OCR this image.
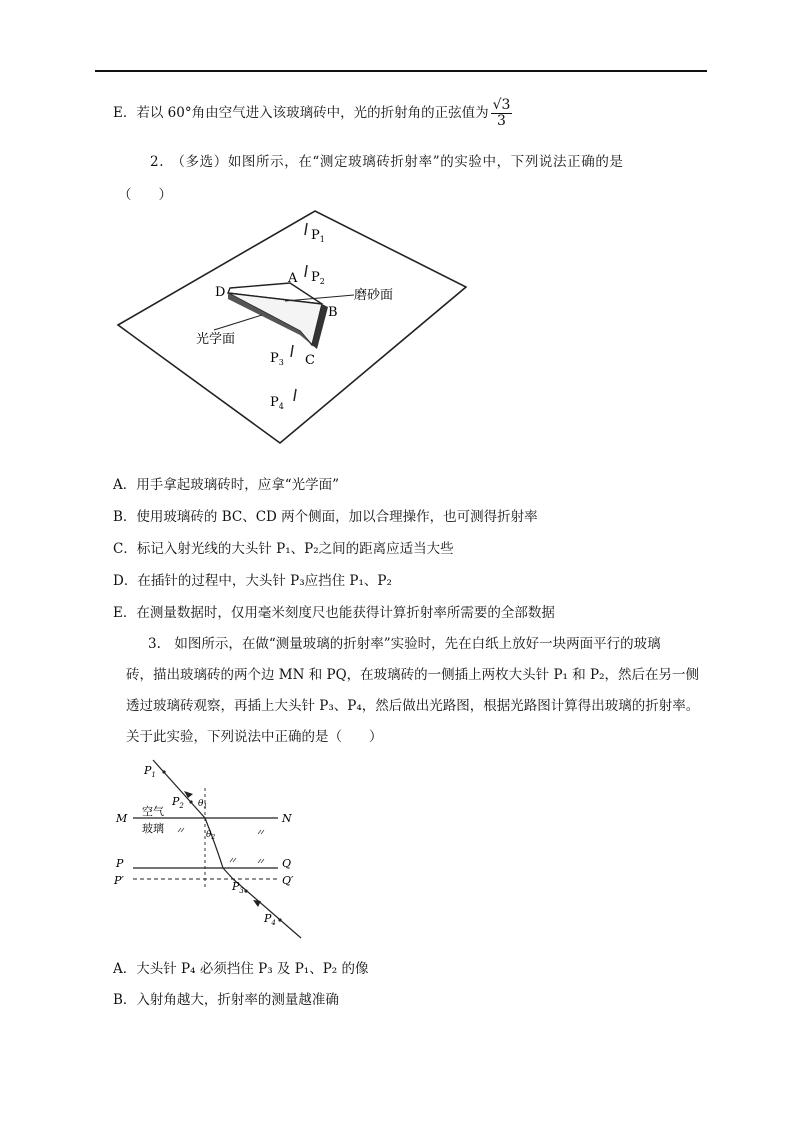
E．若以 60°角由空气进入该玻璃砖中，光的折射角的正弦值为 $\frac{√3}{3}$
2.　（多选）如图所示，在“测定玻璃砖折射率”的实验中，下列说法正确的是
（　　）
$P_1$
$P_2$
$P_3$
$P_4$
A
B
C
D	磨砂面
光学面
A．用手拿起玻璃砖时，应拿“光学面”
B．使用玻璃砖的 BC、CD 两个侧面，加以合理操作，也可测得折射率
C．标记入射光线的大头针 P₁、P₂之间的距离应适当大些
D．在插针的过程中，大头针 P₃应挡住 P₁、P₂
E．在测量数据时，仅用毫米刻度尺也能获得计算折射率所需要的全部数据
3.　如图所示，在做“测量玻璃的折射率”实验时，先在白纸上放好一块两面平行的玻璃
砖，描出玻璃砖的两个边 MN 和 PQ，在玻璃砖的一侧插上两枚大头针 P₁ 和 P₂，然后在另一侧
透过玻璃砖观察，再插上大头针 P₃、P₄，然后做出光路图，根据光路图计算得出玻璃的折射率。
关于此实验，下列说法中正确的是（　　）
M	N
P	Q
P′	Q′
空气
玻璃
$P_1$
$P_2$
$P_3$
$P_4$
$\theta_1$
$\theta_2$
A．大头针 P₄ 必须挡住 P₃ 及 P₁、P₂ 的像
B．入射角越大，折射率的测量越准确
